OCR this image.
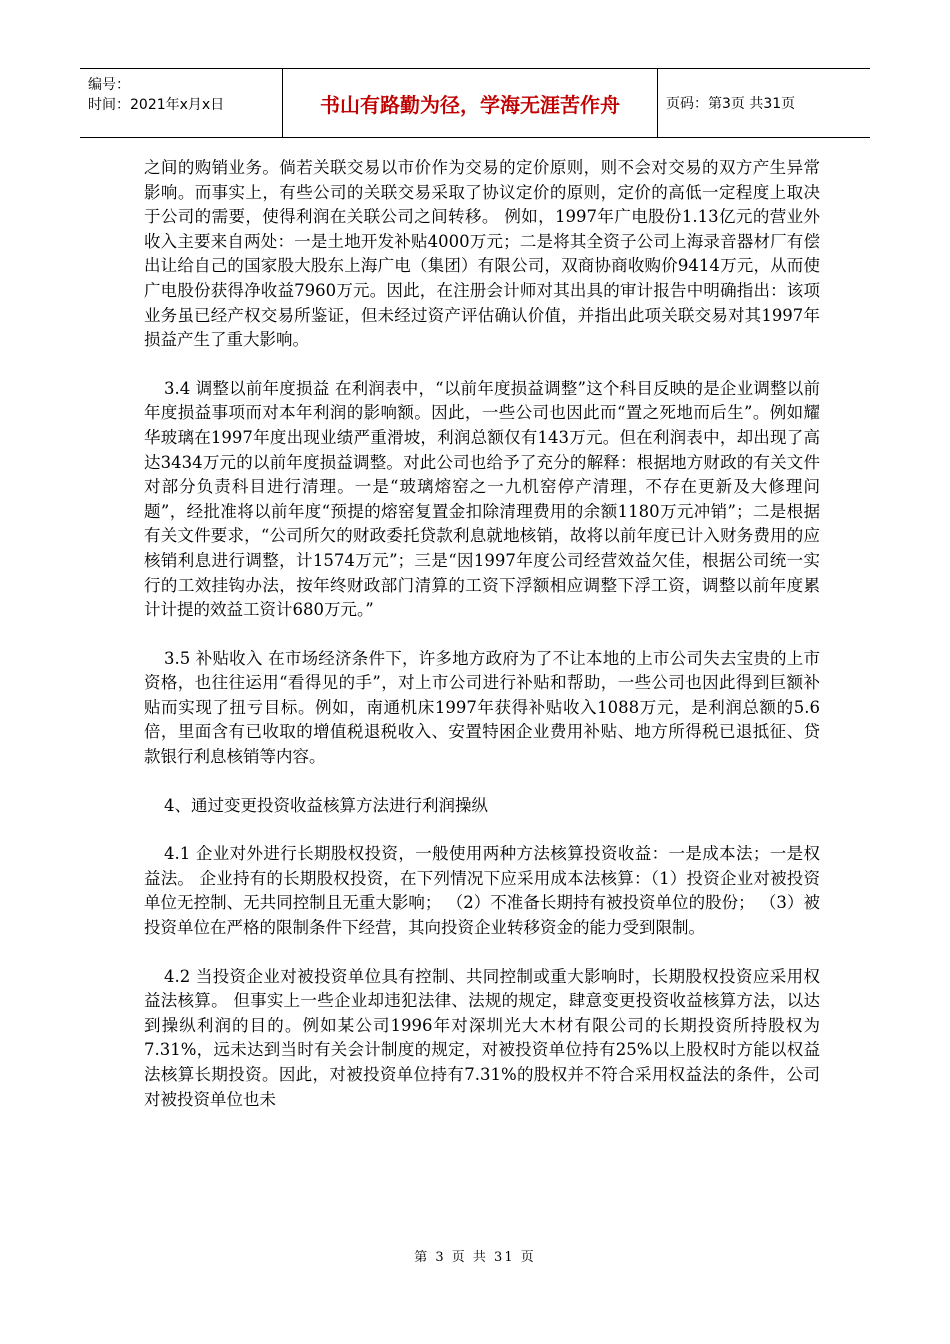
编号：
时间：2021年x月x日	书山有路勤为径，学海无涯苦作舟	页码：第3页 共31页

之间的购销业务。倘若关联交易以市价作为交易的定价原则，则不会对交易的双方产生异常影响。而事实上，有些公司的关联交易采取了协议定价的原则，定价的高低一定程度上取决于公司的需要，使得利润在关联公司之间转移。 例如，1997年广电股份1.13亿元的营业外收入主要来自两处：一是土地开发补贴4000万元；二是将其全资子公司上海录音器材厂有偿出让给自己的国家股大股东上海广电（集团）有限公司，双商协商收购价9414万元，从而使广电股份获得净收益7960万元。因此，在注册会计师对其出具的审计报告中明确指出：该项业务虽已经产权交易所鉴证，但未经过资产评估确认价值，并指出此项关联交易对其1997年损益产生了重大影响。

3.4 调整以前年度损益 在利润表中，“以前年度损益调整”这个科目反映的是企业调整以前年度损益事项而对本年利润的影响额。因此，一些公司也因此而“置之死地而后生”。例如耀华玻璃在1997年度出现业绩严重滑坡，利润总额仅有143万元。但在利润表中，却出现了高达3434万元的以前年度损益调整。对此公司也给予了充分的解释：根据地方财政的有关文件对部分负责科目进行清理。一是“玻璃熔窑之一九机窑停产清理，不存在更新及大修理问题”，经批准将以前年度“预提的熔窑复置金扣除清理费用的余额1180万元冲销”；二是根据有关文件要求，“公司所欠的财政委托贷款利息就地核销，故将以前年度已计入财务费用的应核销利息进行调整，计1574万元”；三是“因1997年度公司经营效益欠佳，根据公司统一实行的工效挂钩办法，按年终财政部门清算的工资下浮额相应调整下浮工资，调整以前年度累计计提的效益工资计680万元。”

3.5 补贴收入 在市场经济条件下，许多地方政府为了不让本地的上市公司失去宝贵的上市资格，也往往运用“看得见的手”，对上市公司进行补贴和帮助，一些公司也因此得到巨额补贴而实现了扭亏目标。例如，南通机床1997年获得补贴收入1088万元，是利润总额的5.6倍，里面含有已收取的增值税退税收入、安置特困企业费用补贴、地方所得税已退抵征、贷款银行利息核销等内容。

4、通过变更投资收益核算方法进行利润操纵

4.1 企业对外进行长期股权投资，一般使用两种方法核算投资收益：一是成本法；一是权益法。 企业持有的长期股权投资，在下列情况下应采用成本法核算：（1）投资企业对被投资单位无控制、无共同控制且无重大影响； （2）不准备长期持有被投资单位的股份； （3）被投资单位在严格的限制条件下经营，其向投资企业转移资金的能力受到限制。

4.2 当投资企业对被投资单位具有控制、共同控制或重大影响时，长期股权投资应采用权益法核算。 但事实上一些企业却违犯法律、法规的规定，肆意变更投资收益核算方法，以达到操纵利润的目的。例如某公司1996年对深圳光大木材有限公司的长期投资所持股权为7.31%，远未达到当时有关会计制度的规定，对被投资单位持有25%以上股权时方能以权益法核算长期投资。因此，对被投资单位持有7.31%的股权并不符合采用权益法的条件，公司对被投资单位也未

第 3 页 共 31 页
